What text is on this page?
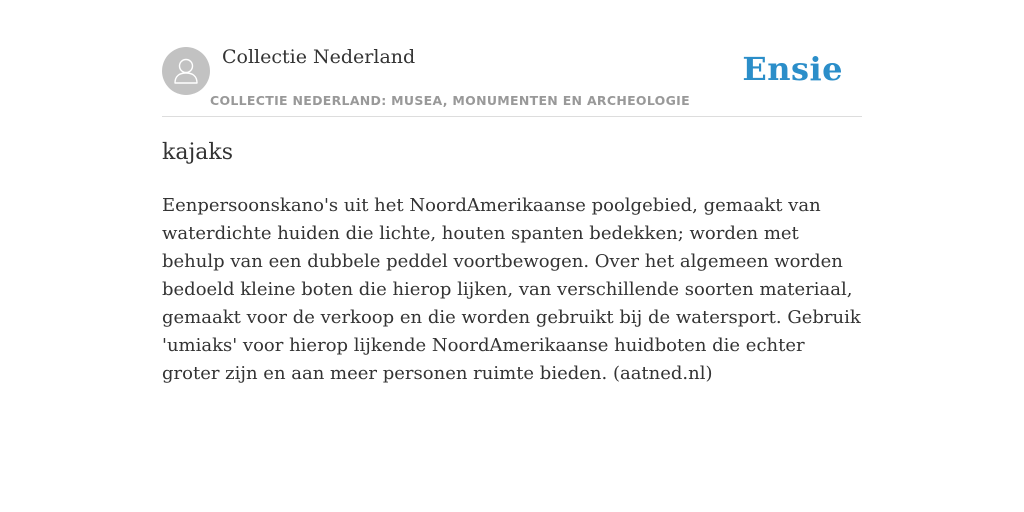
Collectie Nederland
COLLECTIE NEDERLAND: MUSEA, MONUMENTEN EN ARCHEOLOGIE
Ensie
kajaks

Eenpersoonskano's uit het NoordAmerikaanse poolgebied, gemaakt van waterdichte huiden die lichte, houten spanten bedekken; worden met behulp van een dubbele peddel voortbewogen. Over het algemeen worden bedoeld kleine boten die hierop lijken, van verschillende soorten materiaal, gemaakt voor de verkoop en die worden gebruikt bij de watersport. Gebruik 'umiaks' voor hierop lijkende NoordAmerikaanse huidboten die echter groter zijn en aan meer personen ruimte bieden. (aatned.nl)
